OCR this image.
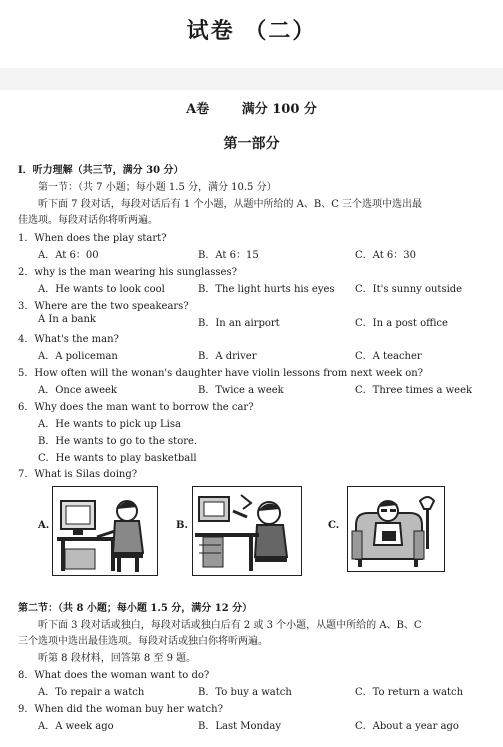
试卷 （二）
A卷	满分 100 分
第一部分
I．听力理解（共三节，满分 30 分）
第一节：（共 7 小题；每小题 1.5 分，满分 10.5 分）
听下面 7 段对话，每段对话后有 1 个小题，从题中所给的 A、B、C 三个选项中选出最
佳选项。每段对话你将听两遍。
1．When does the play start?
A．At 6：00	B．At 6：15	C．At 6：30
2．why is the man wearing his sunglasses?
A．He wants to look cool	B．The light hurts his eyes C．It's sunny outside
3．Where are the two speakears?
A In a bank	B．In an airport	C．In a post office
4．What's the man?
A．A policeman	B．A driver	C．A teacher
5．How often will the wonan's daughter have violin lessons from next week on?
A．Once aweek	B．Twice a week	C．Three times a week
6．Why does the man want to borrow the car?
A．He wants to pick up Lisa
B．He wants to go to the store．
C．He wants to play basketball
7．What is Silas doing?
A.	B.	C.
第二节：（共 8 小题；每小题 1.5 分，满分 12 分）
听下面 3 段对话或独白，每段对话或独白后有 2 或 3 个小题，从题中所给的 A、B、C
三个选项中选出最佳选项。每段对话或独白你将听两遍。
听第 8 段材料，回答第 8 至 9 题。
8．What does the woman want to do?
A．To repair a watch	B．To buy a watch	C．To return a watch
9．When did the woman buy her watch?
A．A week ago	B．Last Monday	C．About a year ago
